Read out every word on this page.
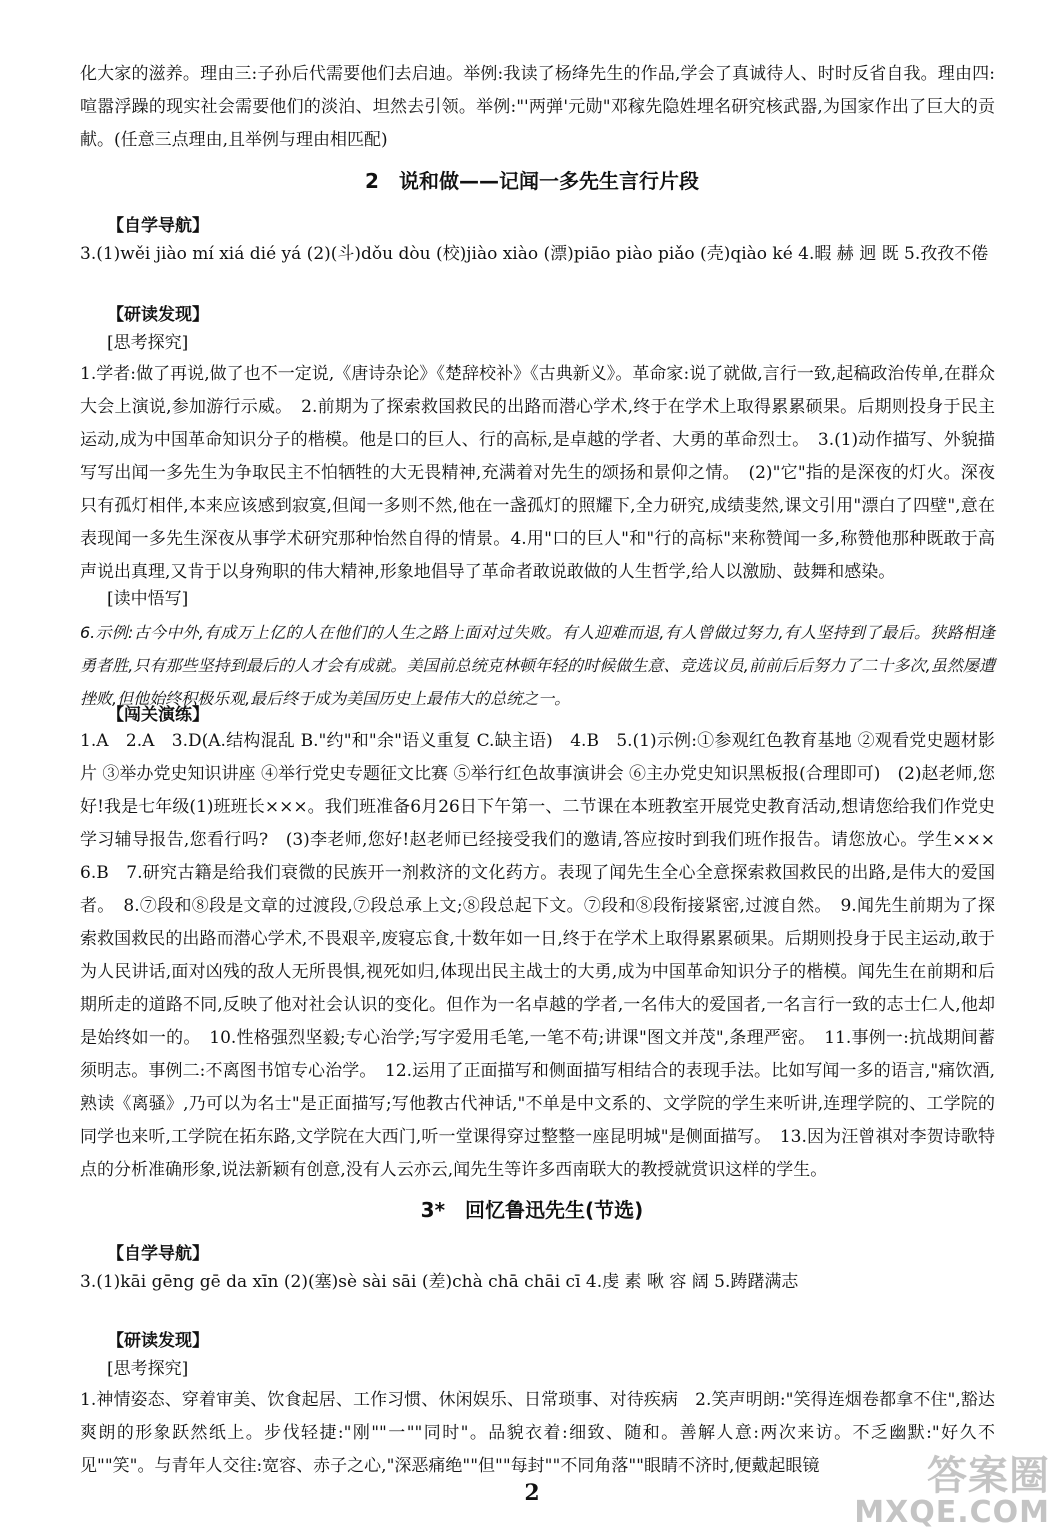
化大家的滋养。理由三:子孙后代需要他们去启迪。举例:我读了杨绛先生的作品,学会了真诚待人、时时反省自我。理由四:喧嚣浮躁的现实社会需要他们的淡泊、坦然去引领。举例:"'两弹'元勋"邓稼先隐姓埋名研究核武器,为国家作出了巨大的贡献。(任意三点理由,且举例与理由相匹配)
2　说和做——记闻一多先生言行片段
【自学导航】
3.(1)wěi jiào mí xiá dié yá (2)(斗)dǒu dòu (校)jiào xiào (漂)piāo piào piǎo (壳)qiào ké 4.暇 赫 迥 既 5.孜孜不倦
【研读发现】
[思考探究]
1.学者:做了再说,做了也不一定说,《唐诗杂论》《楚辞校补》《古典新义》。革命家:说了就做,言行一致,起稿政治传单,在群众大会上演说,参加游行示威。　2.前期为了探索救国救民的出路而潜心学术,终于在学术上取得累累硕果。后期则投身于民主运动,成为中国革命知识分子的楷模。他是口的巨人、行的高标,是卓越的学者、大勇的革命烈士。　3.(1)动作描写、外貌描写写出闻一多先生为争取民主不怕牺牲的大无畏精神,充满着对先生的颂扬和景仰之情。　(2)"它"指的是深夜的灯火。深夜只有孤灯相伴,本来应该感到寂寞,但闻一多则不然,他在一盏孤灯的照耀下,全力研究,成绩斐然,课文引用"漂白了四壁",意在表现闻一多先生深夜从事学术研究那种怡然自得的情景。4.用"口的巨人"和"行的高标"来称赞闻一多,称赞他那种既敢于高声说出真理,又肯于以身殉职的伟大精神,形象地倡导了革命者敢说敢做的人生哲学,给人以激励、鼓舞和感染。
[读中悟写]
6.示例:古今中外,有成万上亿的人在他们的人生之路上面对过失败。有人迎难而退,有人曾做过努力,有人坚持到了最后。狭路相逢勇者胜,只有那些坚持到最后的人才会有成就。美国前总统克林顿年轻的时候做生意、竞选议员,前前后后努力了二十多次,虽然屡遭挫败,但他始终积极乐观,最后终于成为美国历史上最伟大的总统之一。
【闯关演练】
1.A　2.A　3.D(A.结构混乱 B."约"和"余"语义重复 C.缺主语)　4.B　5.(1)示例:①参观红色教育基地 ②观看党史题材影片 ③举办党史知识讲座 ④举行党史专题征文比赛 ⑤举行红色故事演讲会 ⑥主办党史知识黑板报(合理即可)　(2)赵老师,您好!我是七年级(1)班班长×××。我们班准备6月26日下午第一、二节课在本班教室开展党史教育活动,想请您给我们作党史学习辅导报告,您看行吗?　(3)李老师,您好!赵老师已经接受我们的邀请,答应按时到我们班作报告。请您放心。学生×××　6.B　7.研究古籍是给我们衰微的民族开一剂救济的文化药方。表现了闻先生全心全意探索救国救民的出路,是伟大的爱国者。　8.⑦段和⑧段是文章的过渡段,⑦段总承上文;⑧段总起下文。⑦段和⑧段衔接紧密,过渡自然。　9.闻先生前期为了探索救国救民的出路而潜心学术,不畏艰辛,废寝忘食,十数年如一日,终于在学术上取得累累硕果。后期则投身于民主运动,敢于为人民讲话,面对凶残的敌人无所畏惧,视死如归,体现出民主战士的大勇,成为中国革命知识分子的楷模。闻先生在前期和后期所走的道路不同,反映了他对社会认识的变化。但作为一名卓越的学者,一名伟大的爱国者,一名言行一致的志士仁人,他却是始终如一的。　10.性格强烈坚毅;专心治学;写字爱用毛笔,一笔不苟;讲课"图文并茂",条理严密。　11.事例一:抗战期间蓄须明志。事例二:不离图书馆专心治学。　12.运用了正面描写和侧面描写相结合的表现手法。比如写闻一多的语言,"痛饮酒,熟读《离骚》,乃可以为名士"是正面描写;写他教古代神话,"不单是中文系的、文学院的学生来听讲,连理学院的、工学院的同学也来听,工学院在拓东路,文学院在大西门,听一堂课得穿过整整一座昆明城"是侧面描写。　13.因为汪曾祺对李贺诗歌特点的分析准确形象,说法新颖有创意,没有人云亦云,闻先生等许多西南联大的教授就赏识这样的学生。
3*　回忆鲁迅先生(节选)
【自学导航】
3.(1)kāi gēng gē da xīn (2)(塞)sè sài sāi (差)chà chā chāi cī 4.虔 素 啾 容 阔 5.踌躇满志
【研读发现】
[思考探究]
1.神情姿态、穿着审美、饮食起居、工作习惯、休闲娱乐、日常琐事、对待疾病　2.笑声明朗:"笑得连烟卷都拿不住",豁达爽朗的形象跃然纸上。步伐轻捷:"刚""一""同时"。品貌衣着:细致、随和。善解人意:两次来访。不乏幽默:"好久不见""笑"。与青年人交往:宽容、赤子之心,"深恶痛绝""但""每封""不同角落""眼睛不济时,便戴起眼镜
2	答案圈
MXQE.COM
